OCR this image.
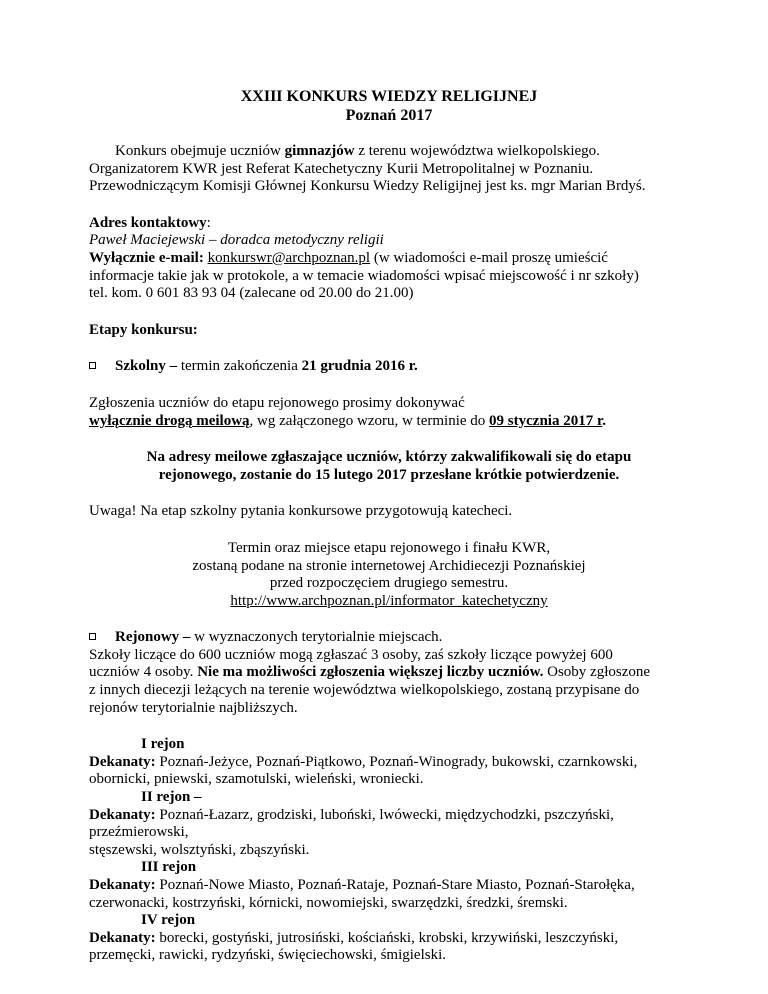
XXIII KONKURS WIEDZY RELIGIJNEJ
Poznań 2017

Konkurs obejmuje uczniów gimnazjów z terenu województwa wielkopolskiego.

Organizatorem KWR jest Referat Katechetyczny Kurii Metropolitalnej w Poznaniu.

Przewodniczącym Komisji Głównej Konkursu Wiedzy Religijnej jest ks. mgr Marian Brdyś.

Adres kontaktowy:

Paweł Maciejewski – doradca metodyczny religii

Wyłącznie e-mail: konkurswr@archpoznan.pl (w wiadomości e-mail proszę umieścić

informacje takie jak w protokole, a w temacie wiadomości wpisać miejscowość i nr szkoły)

tel. kom. 0 601 83 93 04 (zalecane od 20.00 do 21.00)

Etapy konkursu:

Szkolny – termin zakończenia 21 grudnia 2016 r.

Zgłoszenia uczniów do etapu rejonowego prosimy dokonywać

wyłącznie drogą meilową, wg załączonego wzoru, w terminie do 09 stycznia 2017 r.

Na adresy meilowe zgłaszające uczniów, którzy zakwalifikowali się do etapu

rejonowego, zostanie do 15 lutego 2017 przesłane krótkie potwierdzenie.

Uwaga! Na etap szkolny pytania konkursowe przygotowują katecheci.

Termin oraz miejsce etapu rejonowego i finału KWR,

zostaną podane na stronie internetowej Archidiecezji Poznańskiej

przed rozpoczęciem drugiego semestru.

http://www.archpoznan.pl/informator_katechetyczny

Rejonowy – w wyznaczonych terytorialnie miejscach.

Szkoły liczące do 600 uczniów mogą zgłaszać 3 osoby, zaś szkoły liczące powyżej 600

uczniów 4 osoby. Nie ma możliwości zgłoszenia większej liczby uczniów. Osoby zgłoszone

z innych diecezji leżących na terenie województwa wielkopolskiego, zostaną przypisane do

rejonów terytorialnie najbliższych.

I rejon

Dekanaty: Poznań-Jeżyce, Poznań-Piątkowo, Poznań-Winogrady, bukowski, czarnkowski,

obornicki, pniewski, szamotulski, wieleński, wroniecki.

II rejon –

Dekanaty: Poznań-Łazarz, grodziski, luboński, lwówecki, międzychodzki, pszczyński, przeźmierowski,

stęszewski, wolsztyński, zbąszyński.

III rejon

Dekanaty: Poznań-Nowe Miasto, Poznań-Rataje, Poznań-Stare Miasto, Poznań-Starołęka,

czerwonacki, kostrzyński, kórnicki, nowomiejski, swarzędzki, średzki, śremski.

IV rejon

Dekanaty: borecki, gostyński, jutrosiński, kościański, krobski, krzywiński, leszczyński,

przemęcki, rawicki, rydzyński, święciechowski, śmigielski.
